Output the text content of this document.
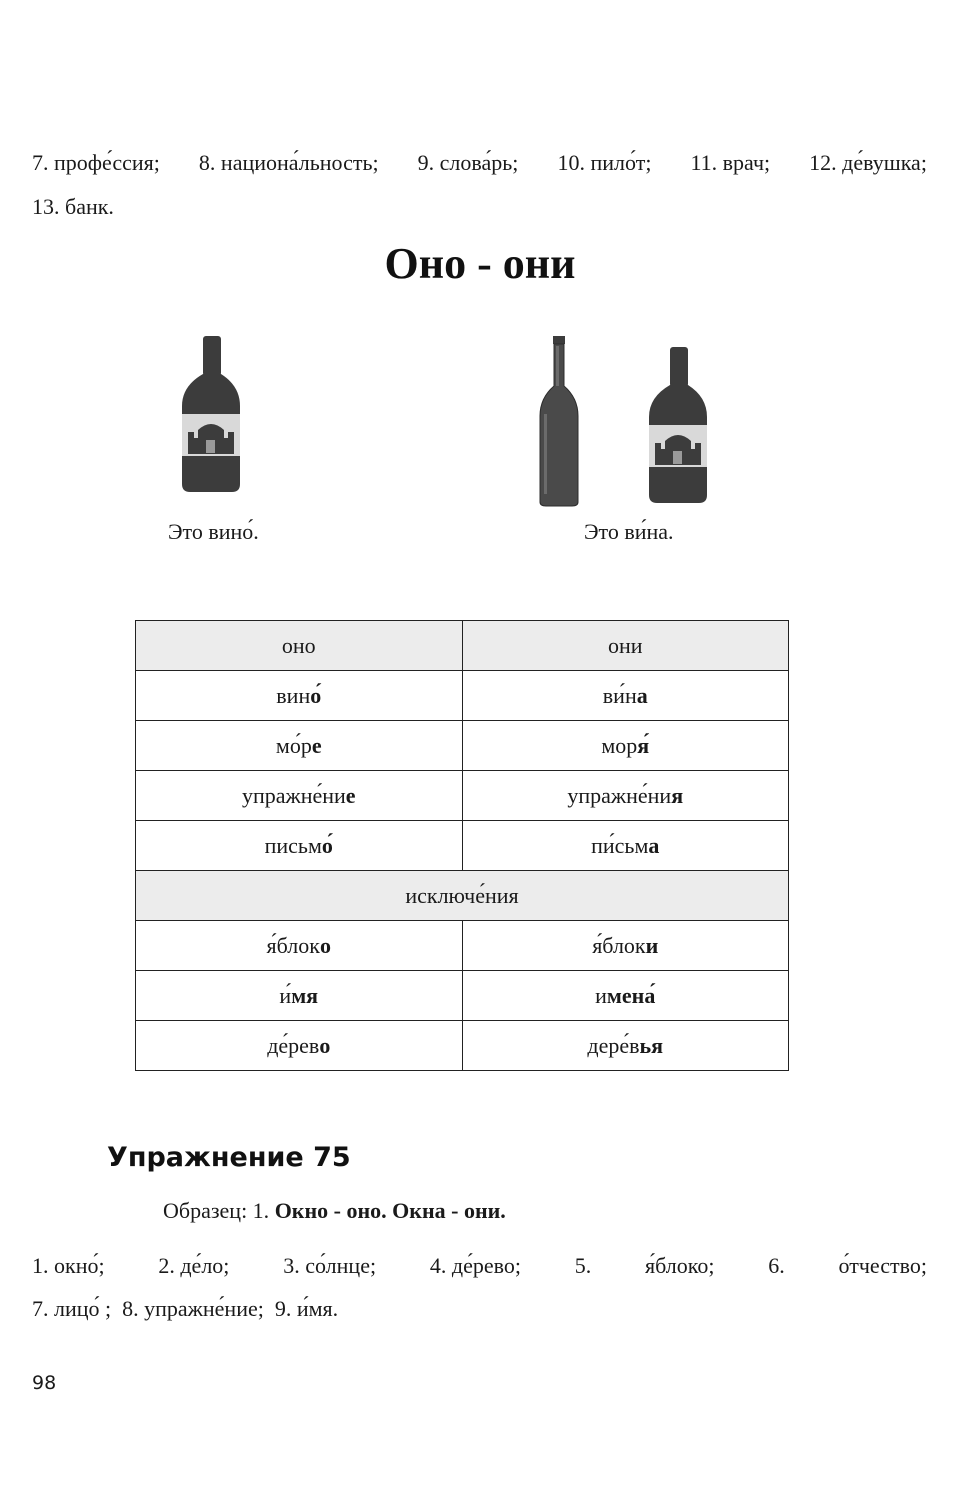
7. профе́ссия; 8. национа́льность; 9. слова́рь; 10. пило́т; 11. врач; 12. де́вушка;
13. банк.
Оно - они
Это вино́.	Это ви́на.
оно	они
вино́	ви́на
мо́ре	моря́
упражне́ние	упражне́ния
письмо́	пи́сьма
исключе́ния	
я́блоко	я́блоки
и́мя	имена́
де́рево	дере́вья
Упражнение 75
Образец: 1. Окно - оно. Окна - они.
1. окно́; 2. де́ло; 3. со́лнце; 4. де́рево; 5. я́блоко; 6. о́тчество;
7. лицо́ ;  8. упражне́ние;  9. и́мя.
98
